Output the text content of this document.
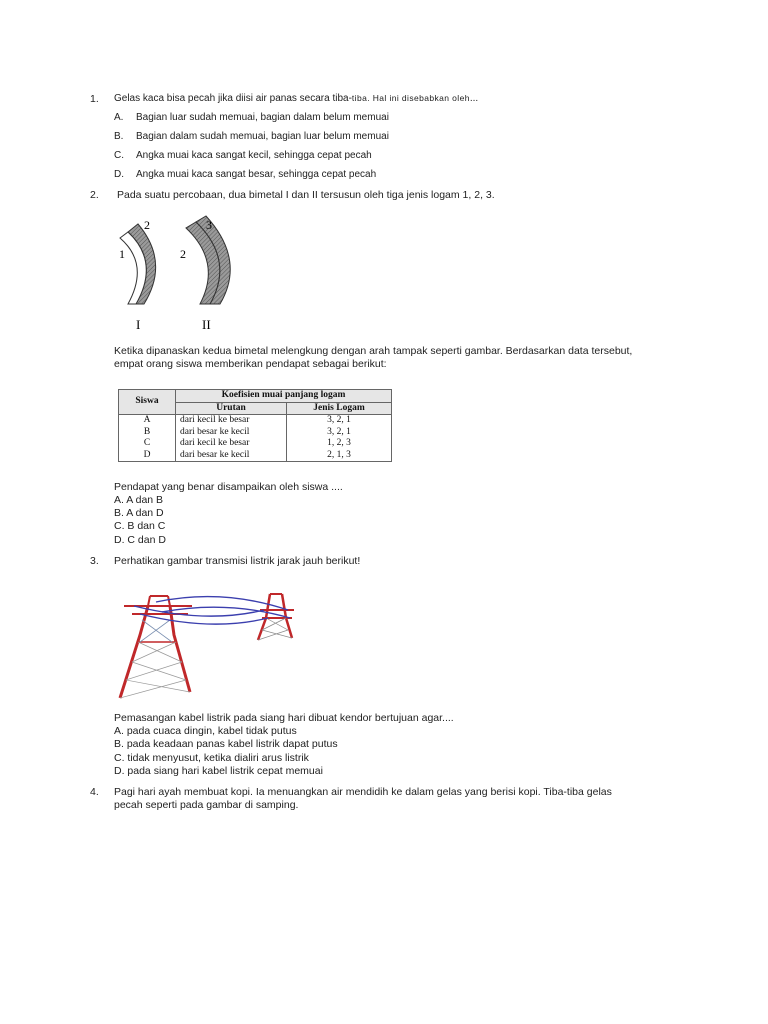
1. Gelas kaca bisa pecah jika diisi air panas secara tiba-tiba. Hal ini disebabkan oleh...
A. Bagian luar sudah memuai, bagian dalam belum memuai
B. Bagian dalam sudah memuai, bagian luar belum memuai
C. Angka muai kaca sangat kecil, sehingga cepat pecah
D. Angka muai kaca sangat besar, sehingga cepat pecah
2. Pada suatu percobaan, dua bimetal I dan II tersusun oleh tiga jenis logam 1, 2, 3.
2
1
3
2
I	II
Ketika dipanaskan kedua bimetal melengkung dengan arah tampak seperti gambar. Berdasarkan data tersebut,
empat orang siswa memberikan pendapat sebagai berikut:
Siswa	Koefisien muai panjang logam	
	Urutan	Jenis Logam
A	dari kecil ke besar	3, 2, 1
B	dari besar ke kecil	3, 2, 1
C	dari kecil ke besar	1, 2, 3
D	dari besar ke kecil	2, 1, 3
Pendapat yang benar disampaikan oleh siswa ....
A. A dan B
B. A dan D
C. B dan C
D. C dan D
3. Perhatikan gambar transmisi listrik jarak jauh berikut!
Pemasangan kabel listrik pada siang hari dibuat kendor bertujuan agar....
A. pada cuaca dingin, kabel tidak putus
B. pada keadaan panas kabel listrik dapat putus
C. tidak menyusut, ketika dialiri arus listrik
D. pada siang hari kabel listrik cepat memuai
4. Pagi hari ayah membuat kopi. Ia menuangkan air mendidih ke dalam gelas yang berisi kopi. Tiba-tiba gelas
pecah seperti pada gambar di samping.
